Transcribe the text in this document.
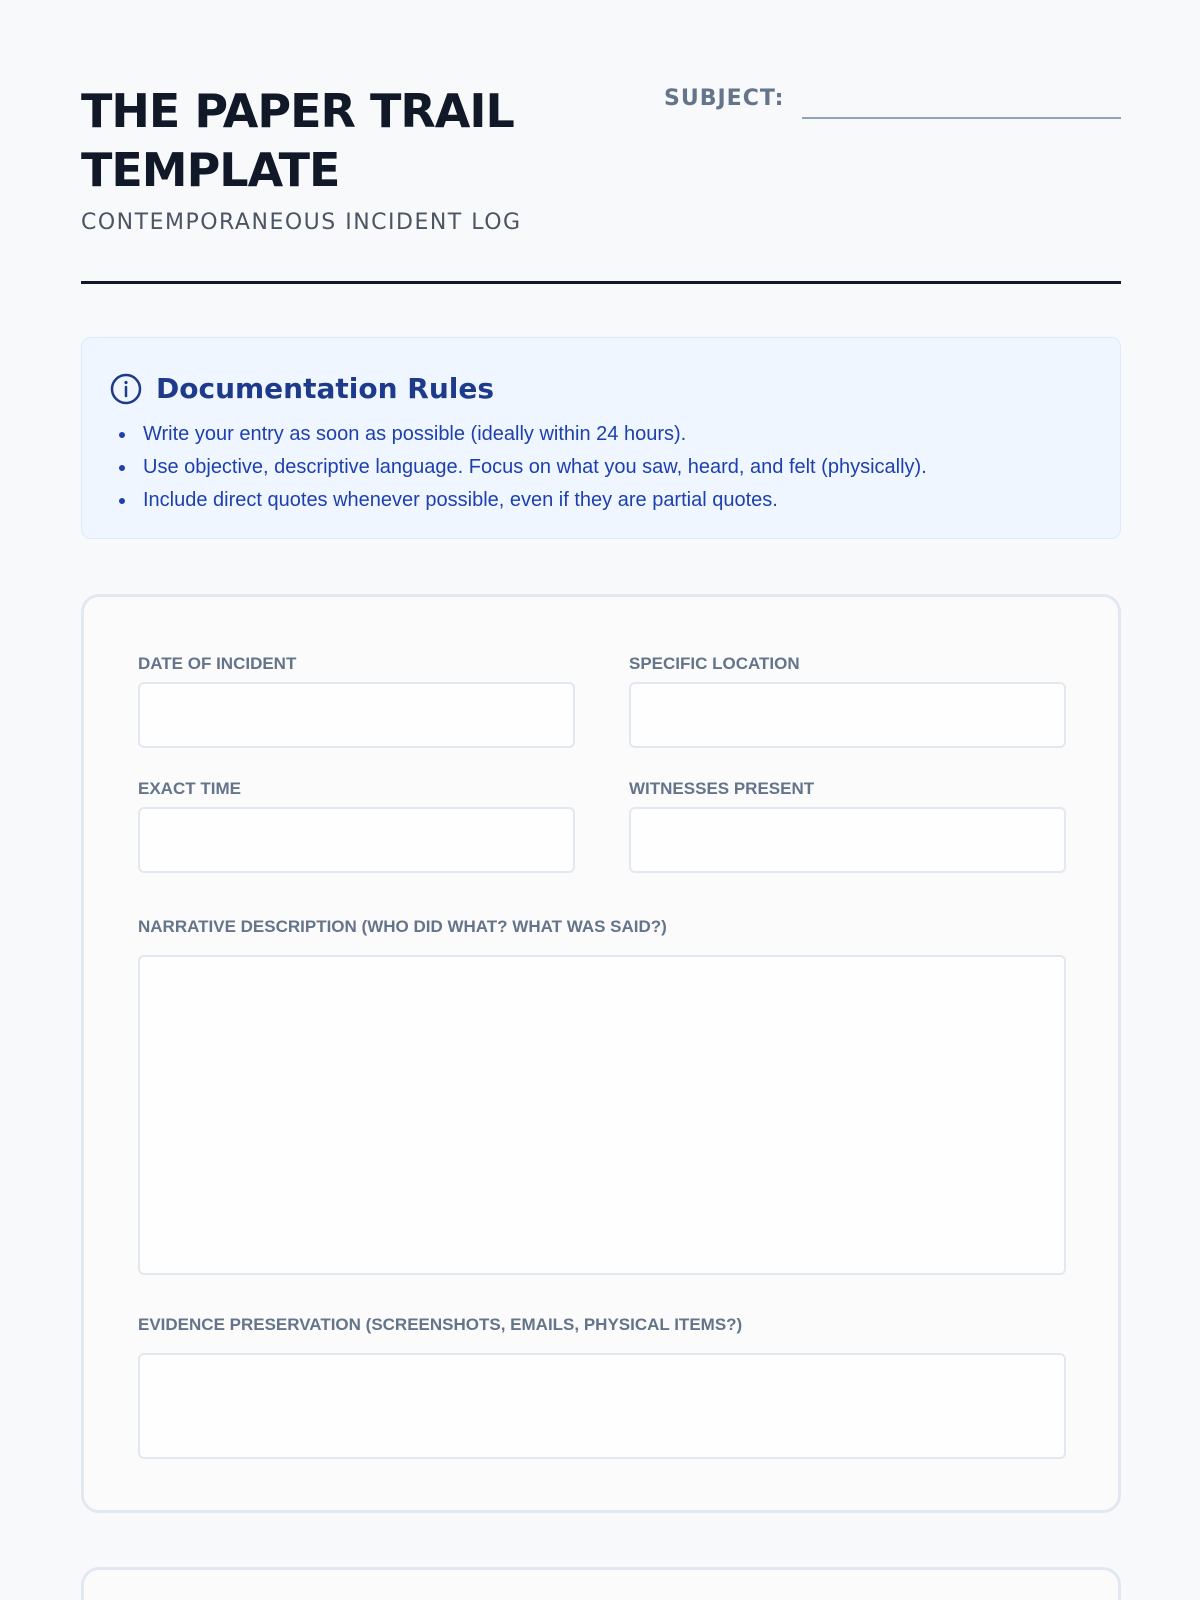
THE PAPER TRAIL TEMPLATE
CONTEMPORANEOUS INCIDENT LOG
SUBJECT:
Documentation Rules
Write your entry as soon as possible (ideally within 24 hours).
Use objective, descriptive language. Focus on what you saw, heard, and felt (physically).
Include direct quotes whenever possible, even if they are partial quotes.
DATE OF INCIDENT	SPECIFIC LOCATION
EXACT TIME	WITNESSES PRESENT
NARRATIVE DESCRIPTION (WHO DID WHAT? WHAT WAS SAID?)
EVIDENCE PRESERVATION (SCREENSHOTS, EMAILS, PHYSICAL ITEMS?)
